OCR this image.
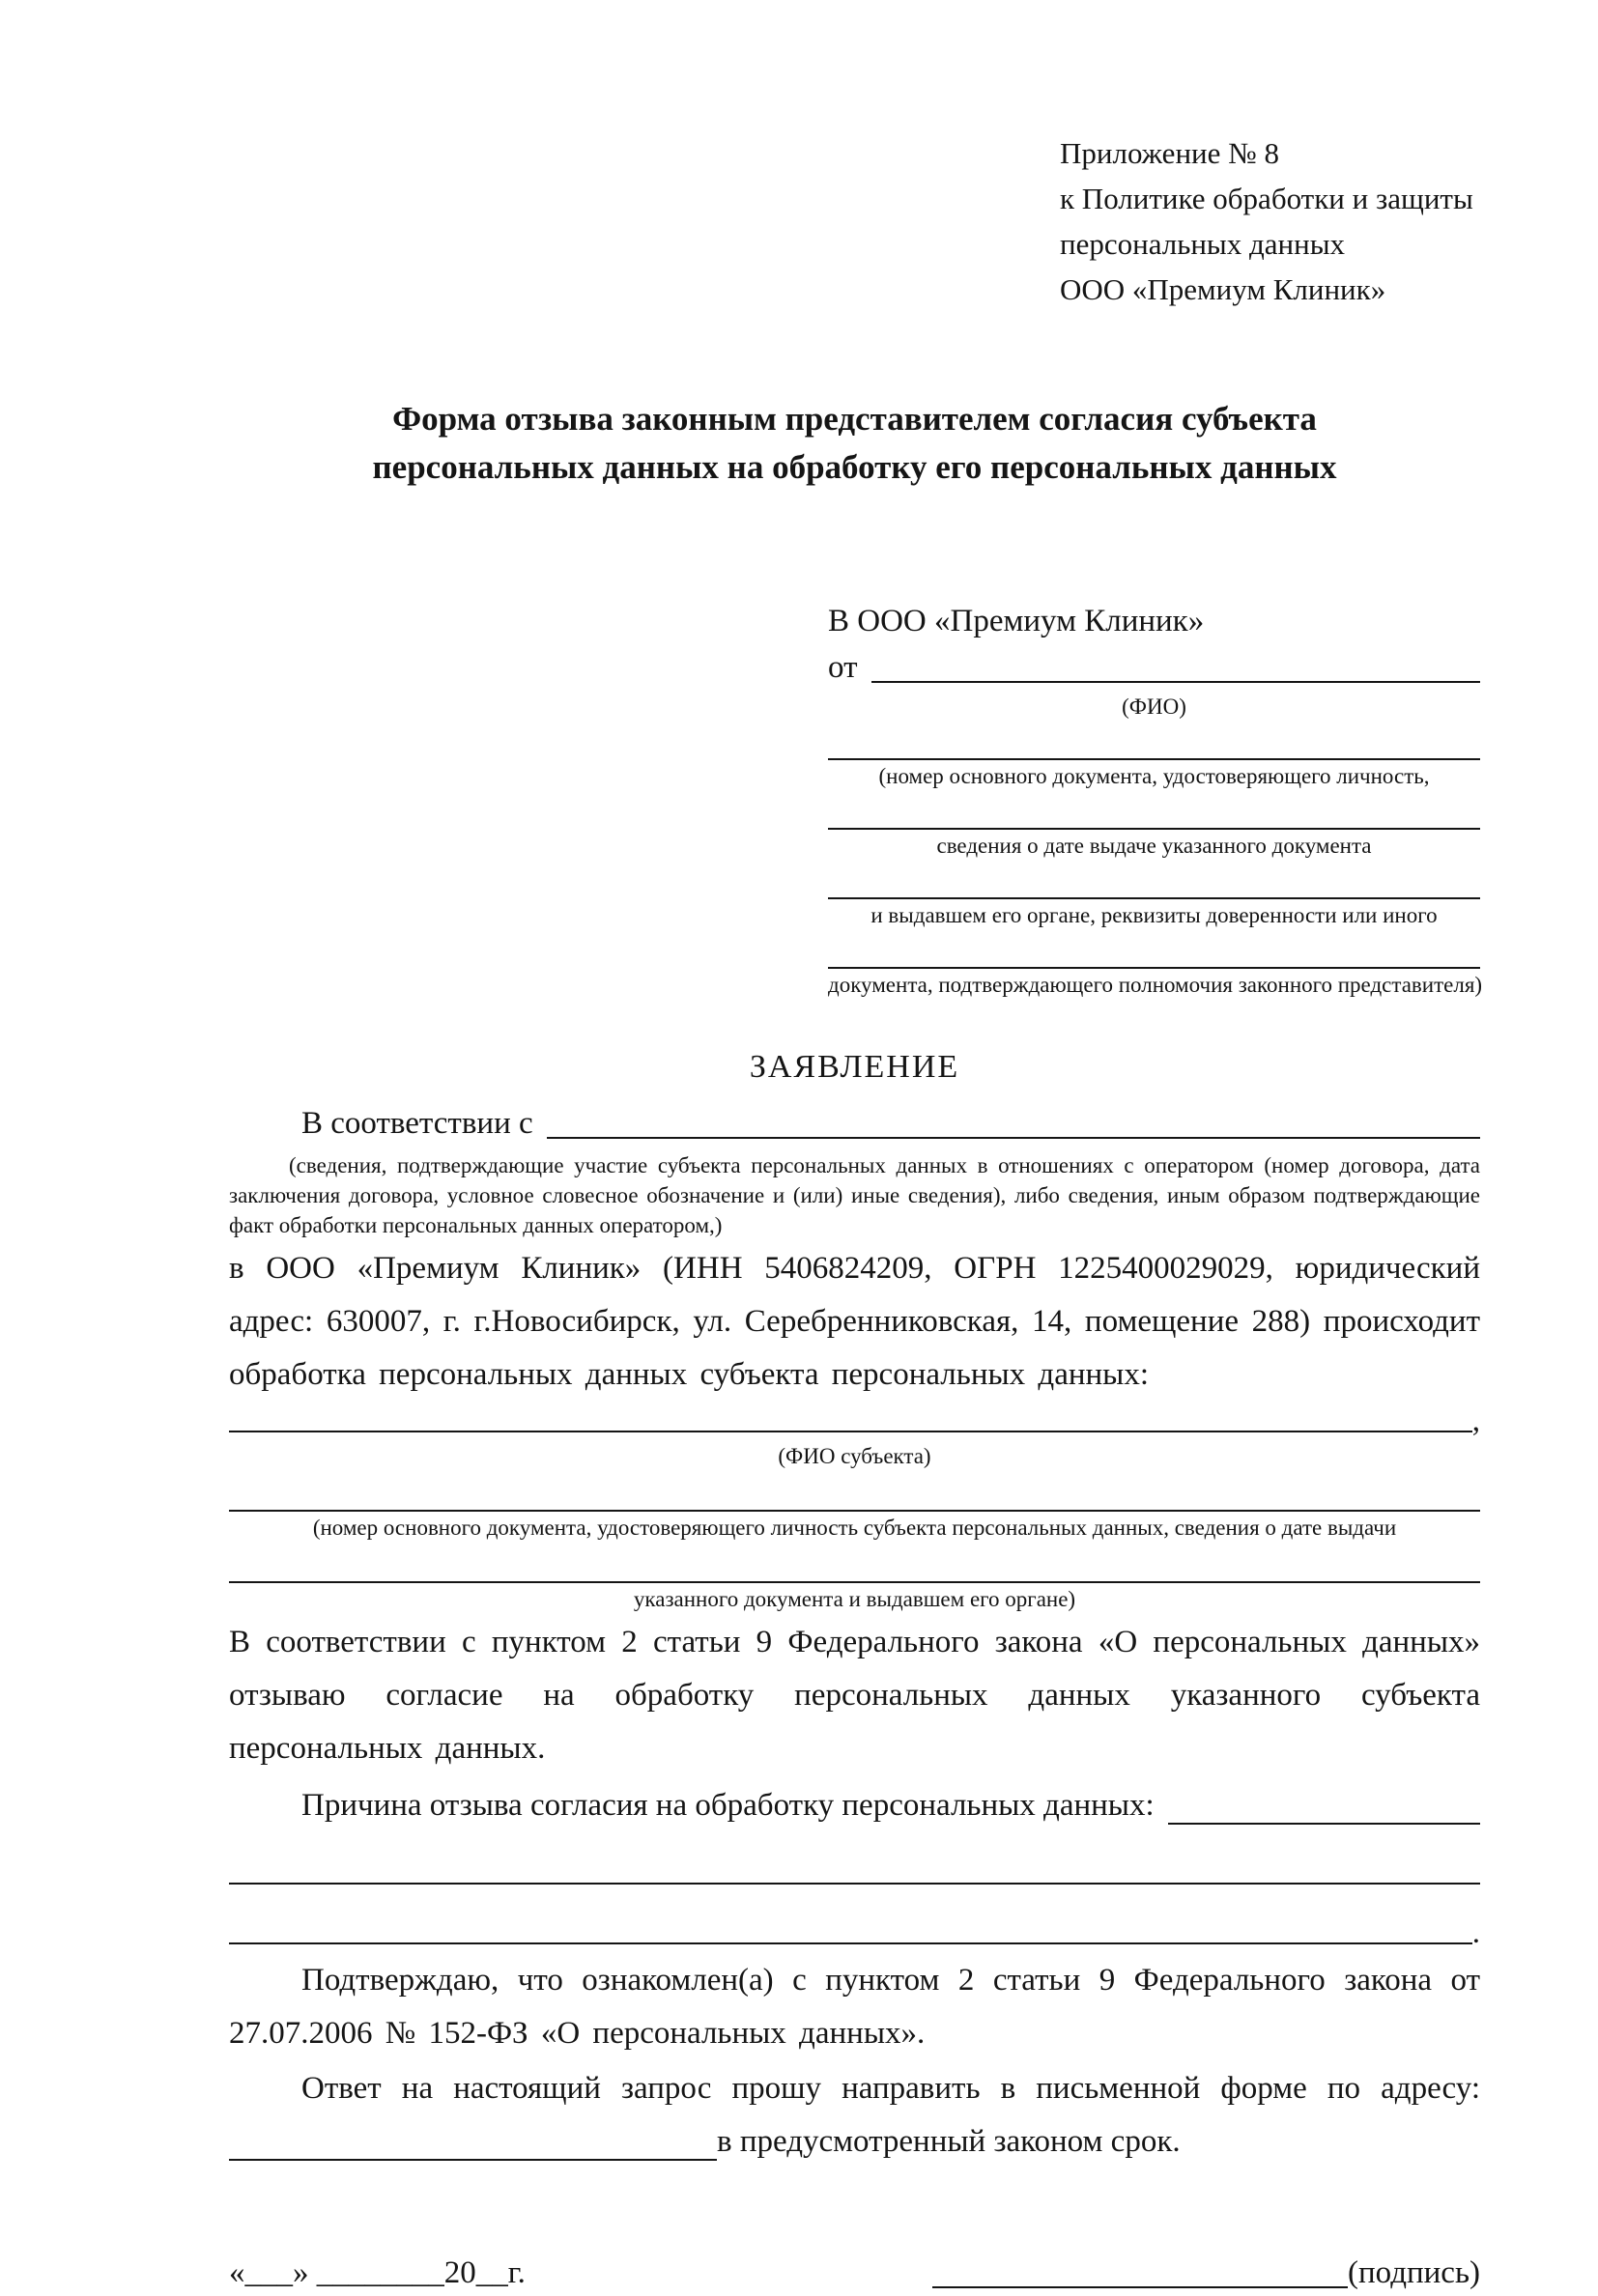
Приложение № 8
к Политике обработки и защиты
персональных данных
ООО «Премиум Клиник»
Форма отзыва законным представителем согласия субъекта персональных данных на обработку его персональных данных
В ООО «Премиум Клиник»
от
(ФИО)
(номер основного документа, удостоверяющего личность,
сведения о дате выдаче указанного документа
и выдавшем его органе, реквизиты доверенности или иного
документа, подтверждающего полномочия законного представителя)
ЗАЯВЛЕНИЕ
В соответствии с

(сведения, подтверждающие участие субъекта персональных данных в отношениях с оператором (номер договора, дата заключения договора, условное словесное обозначение и (или) иные сведения), либо сведения, иным образом подтверждающие факт обработки персональных данных оператором,)

в ООО «Премиум Клиник» (ИНН 5406824209, ОГРН 1225400029029, юридический адрес: 630007, г. г.Новосибирск, ул. Серебренниковская, 14, помещение 288) происходит обработка персональных данных субъекта персональных данных:

,
(ФИО субъекта)
(номер основного документа, удостоверяющего личность субъекта персональных данных, сведения о дате выдачи
указанного документа и выдавшем его органе)

В соответствии с пунктом 2 статьи 9 Федерального закона «О персональных данных» отзываю согласие на обработку персональных данных указанного субъекта персональных данных.

Причина отзыва согласия на обработку персональных данных:
.

Подтверждаю, что ознакомлен(а) с пунктом 2 статьи 9 Федерального закона от 27.07.2006 № 152-ФЗ «О персональных данных».

Ответ на настоящий запрос прошу направить в письменной форме по адресу:
в предусмотренный законом срок.
«___» ________20__г.	(подпись)
